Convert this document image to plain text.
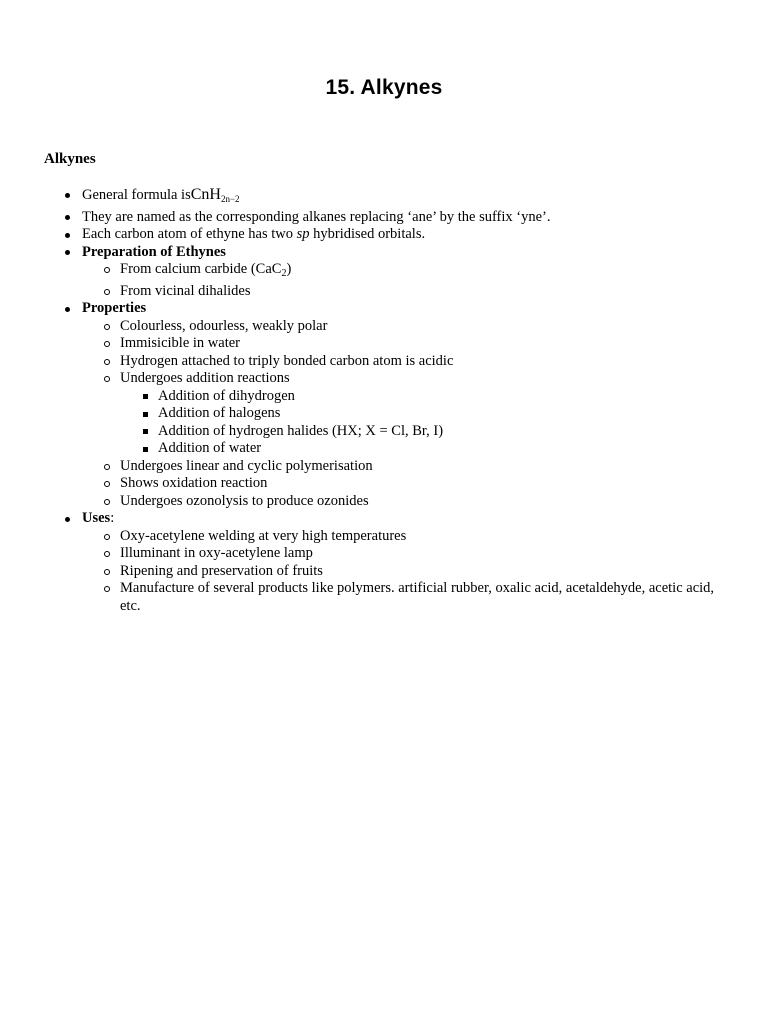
15. Alkynes
Alkynes
General formula isCnH2n−2
They are named as the corresponding alkanes replacing ‘ane’ by the suffix ‘yne’.
Each carbon atom of ethyne has two sp hybridised orbitals.
Preparation of Ethynes
From calcium carbide (CaC$_2$)
From vicinal dihalides
Properties
Colourless, odourless, weakly polar
Immisicible in water
Hydrogen attached to triply bonded carbon atom is acidic
Undergoes addition reactions
Addition of dihydrogen
Addition of halogens
Addition of hydrogen halides (HX; X = Cl, Br, I)
Addition of water
Undergoes linear and cyclic polymerisation
Shows oxidation reaction
Undergoes ozonolysis to produce ozonides
Uses:
Oxy-acetylene welding at very high temperatures
Illuminant in oxy-acetylene lamp
Ripening and preservation of fruits
Manufacture of several products like polymers. artificial rubber, oxalic acid, acetaldehyde, acetic acid, etc.
